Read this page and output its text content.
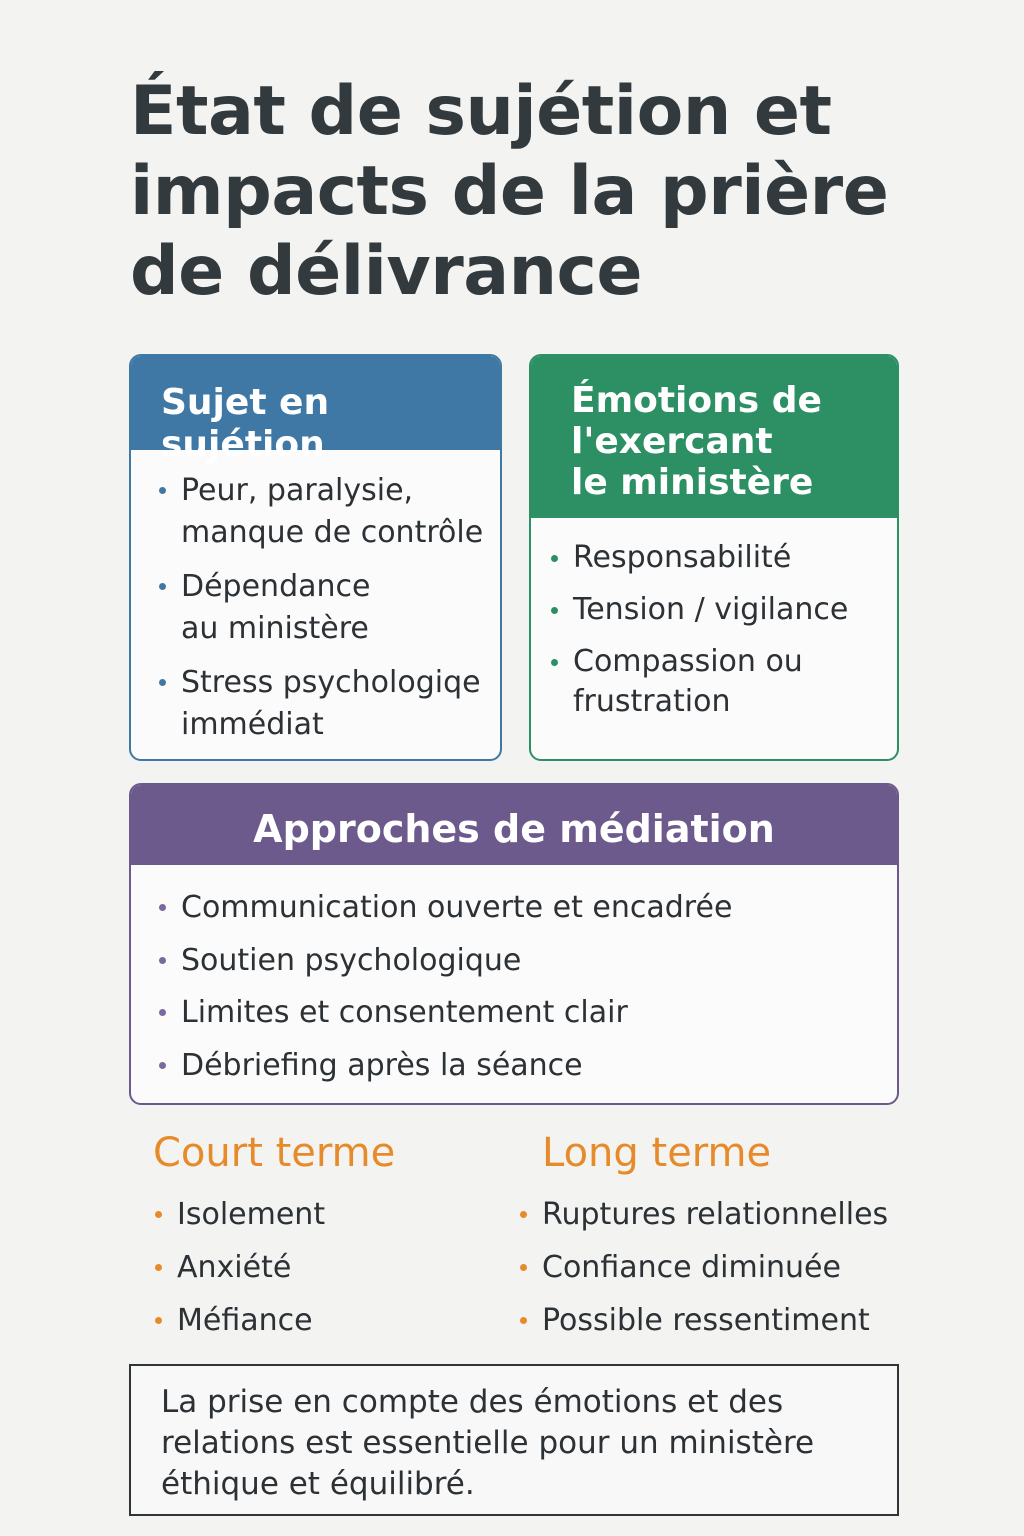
État de sujétion et impacts de la prière de délivrance
Sujet en sujétion
Peur, paralysie,
manque de contrôle
Dépendance
au ministère
Stress psychologiqe
immédiat
Émotions de
l'exercant
le ministère
Responsabilité
Tension / vigilance
Compassion ou
frustration
Approches de médiation
Communication ouverte et encadrée
Soutien psychologique
Limites et consentement clair
Débriefing après la séance
Court terme
Isolement
Anxiété
Méfiance
Long terme
Ruptures relationnelles
Confiance diminuée
Possible ressentiment
La prise en compte des émotions et des relations est essentielle pour un ministère éthique et équilibré.
